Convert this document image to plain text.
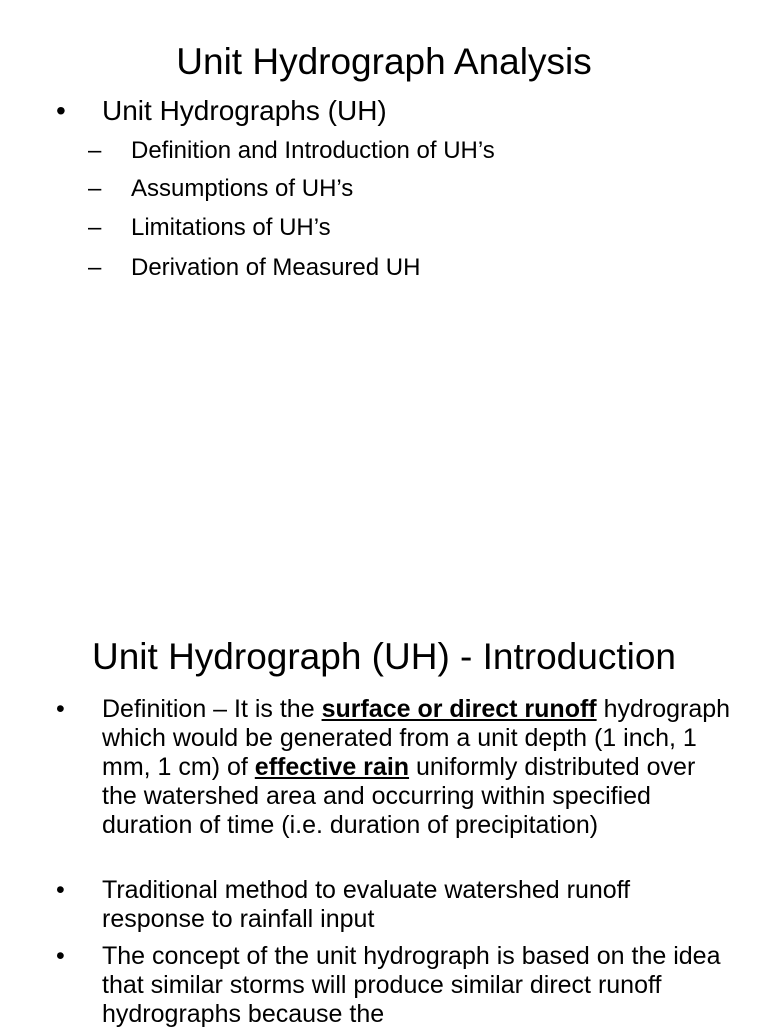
Unit Hydrograph Analysis
• Unit Hydrographs (UH)
– Definition and Introduction of UH’s
– Assumptions of UH’s
– Limitations of UH’s
– Derivation of Measured UH
Unit Hydrograph (UH) - Introduction
• Definition – It is the surface or direct runoff hydrograph which would be generated from a unit depth (1 inch, 1 mm, 1 cm) of effective rain uniformly distributed over the watershed area and occurring within specified duration of time (i.e. duration of precipitation)
• Traditional method to evaluate watershed runoff response to rainfall input
• The concept of the unit hydrograph is based on the idea that similar storms will produce similar direct runoff hydrographs because the
